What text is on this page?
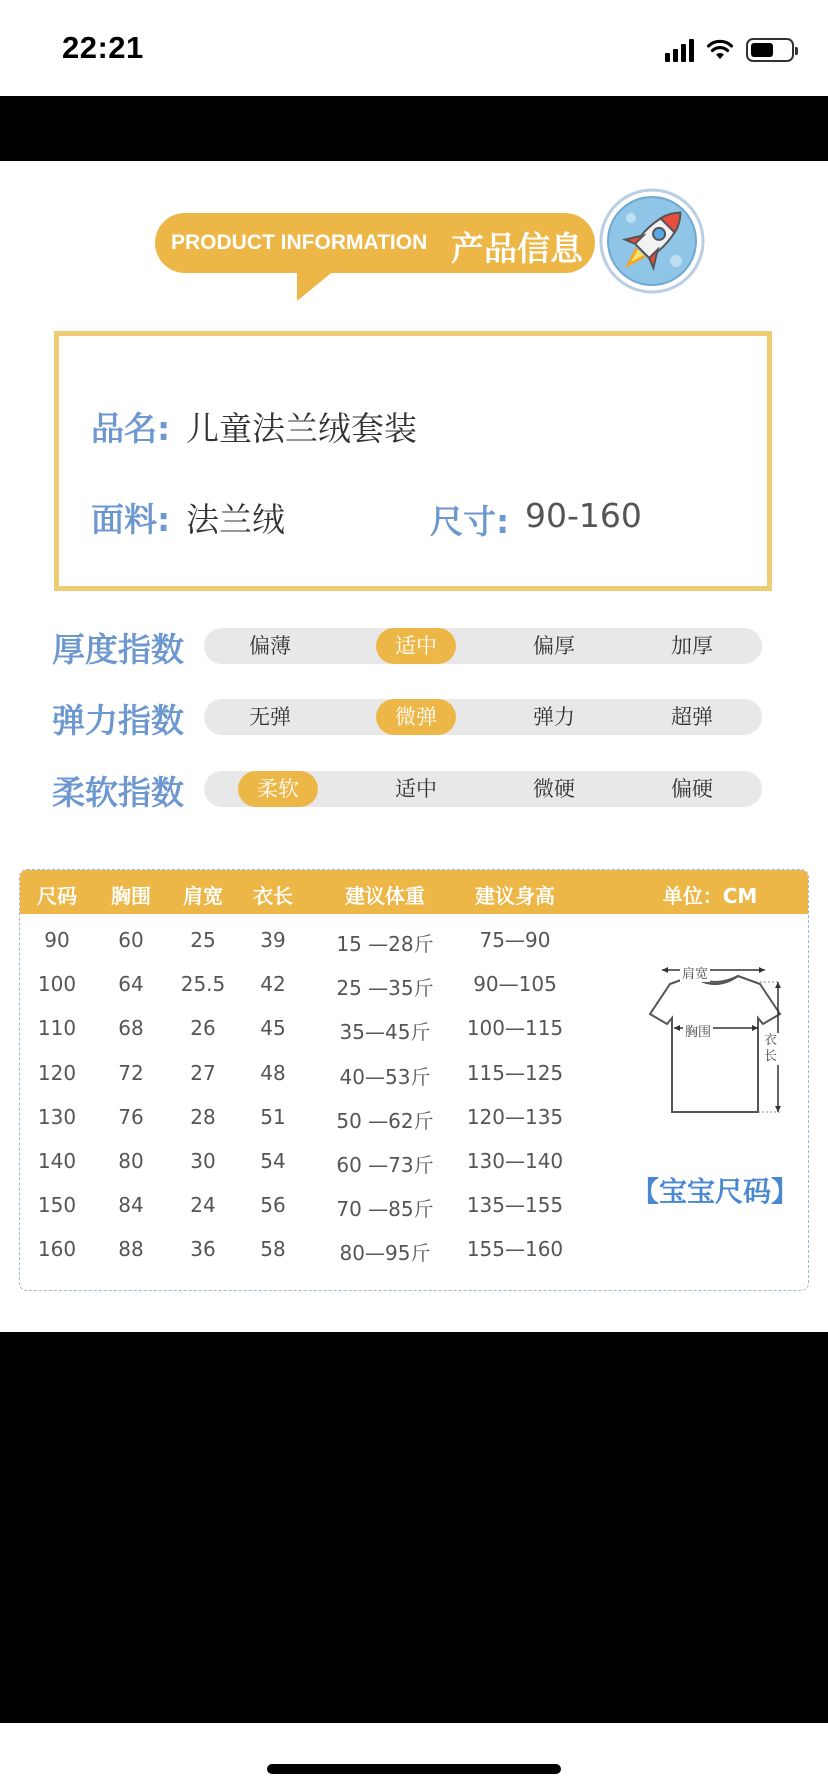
22:21
PRODUCT INFORMATION 产品信息
品名: 儿童法兰绒套装
面料: 法兰绒	尺寸: 90-160
厚度指数	偏薄	适中	偏厚	加厚
弹力指数	无弹	微弹	弹力	超弹
柔软指数	柔软	适中	微硬	偏硬
尺码	胸围	肩宽	衣长	建议体重	建议身高	单位：CM
90	60	25	39	15 —28斤	75—90
100	64	25.5	42	25 —35斤	90—105
110	68	26	45	35—45斤	100—115
120	72	27	48	40—53斤	115—125
130	76	28	51	50 —62斤	120—135
140	80	30	54	60 —73斤	130—140
150	84	24	56	70 —85斤	135—155
160	88	36	58	80—95斤	155—160
肩宽
胸围
衣长
【宝宝尺码】
